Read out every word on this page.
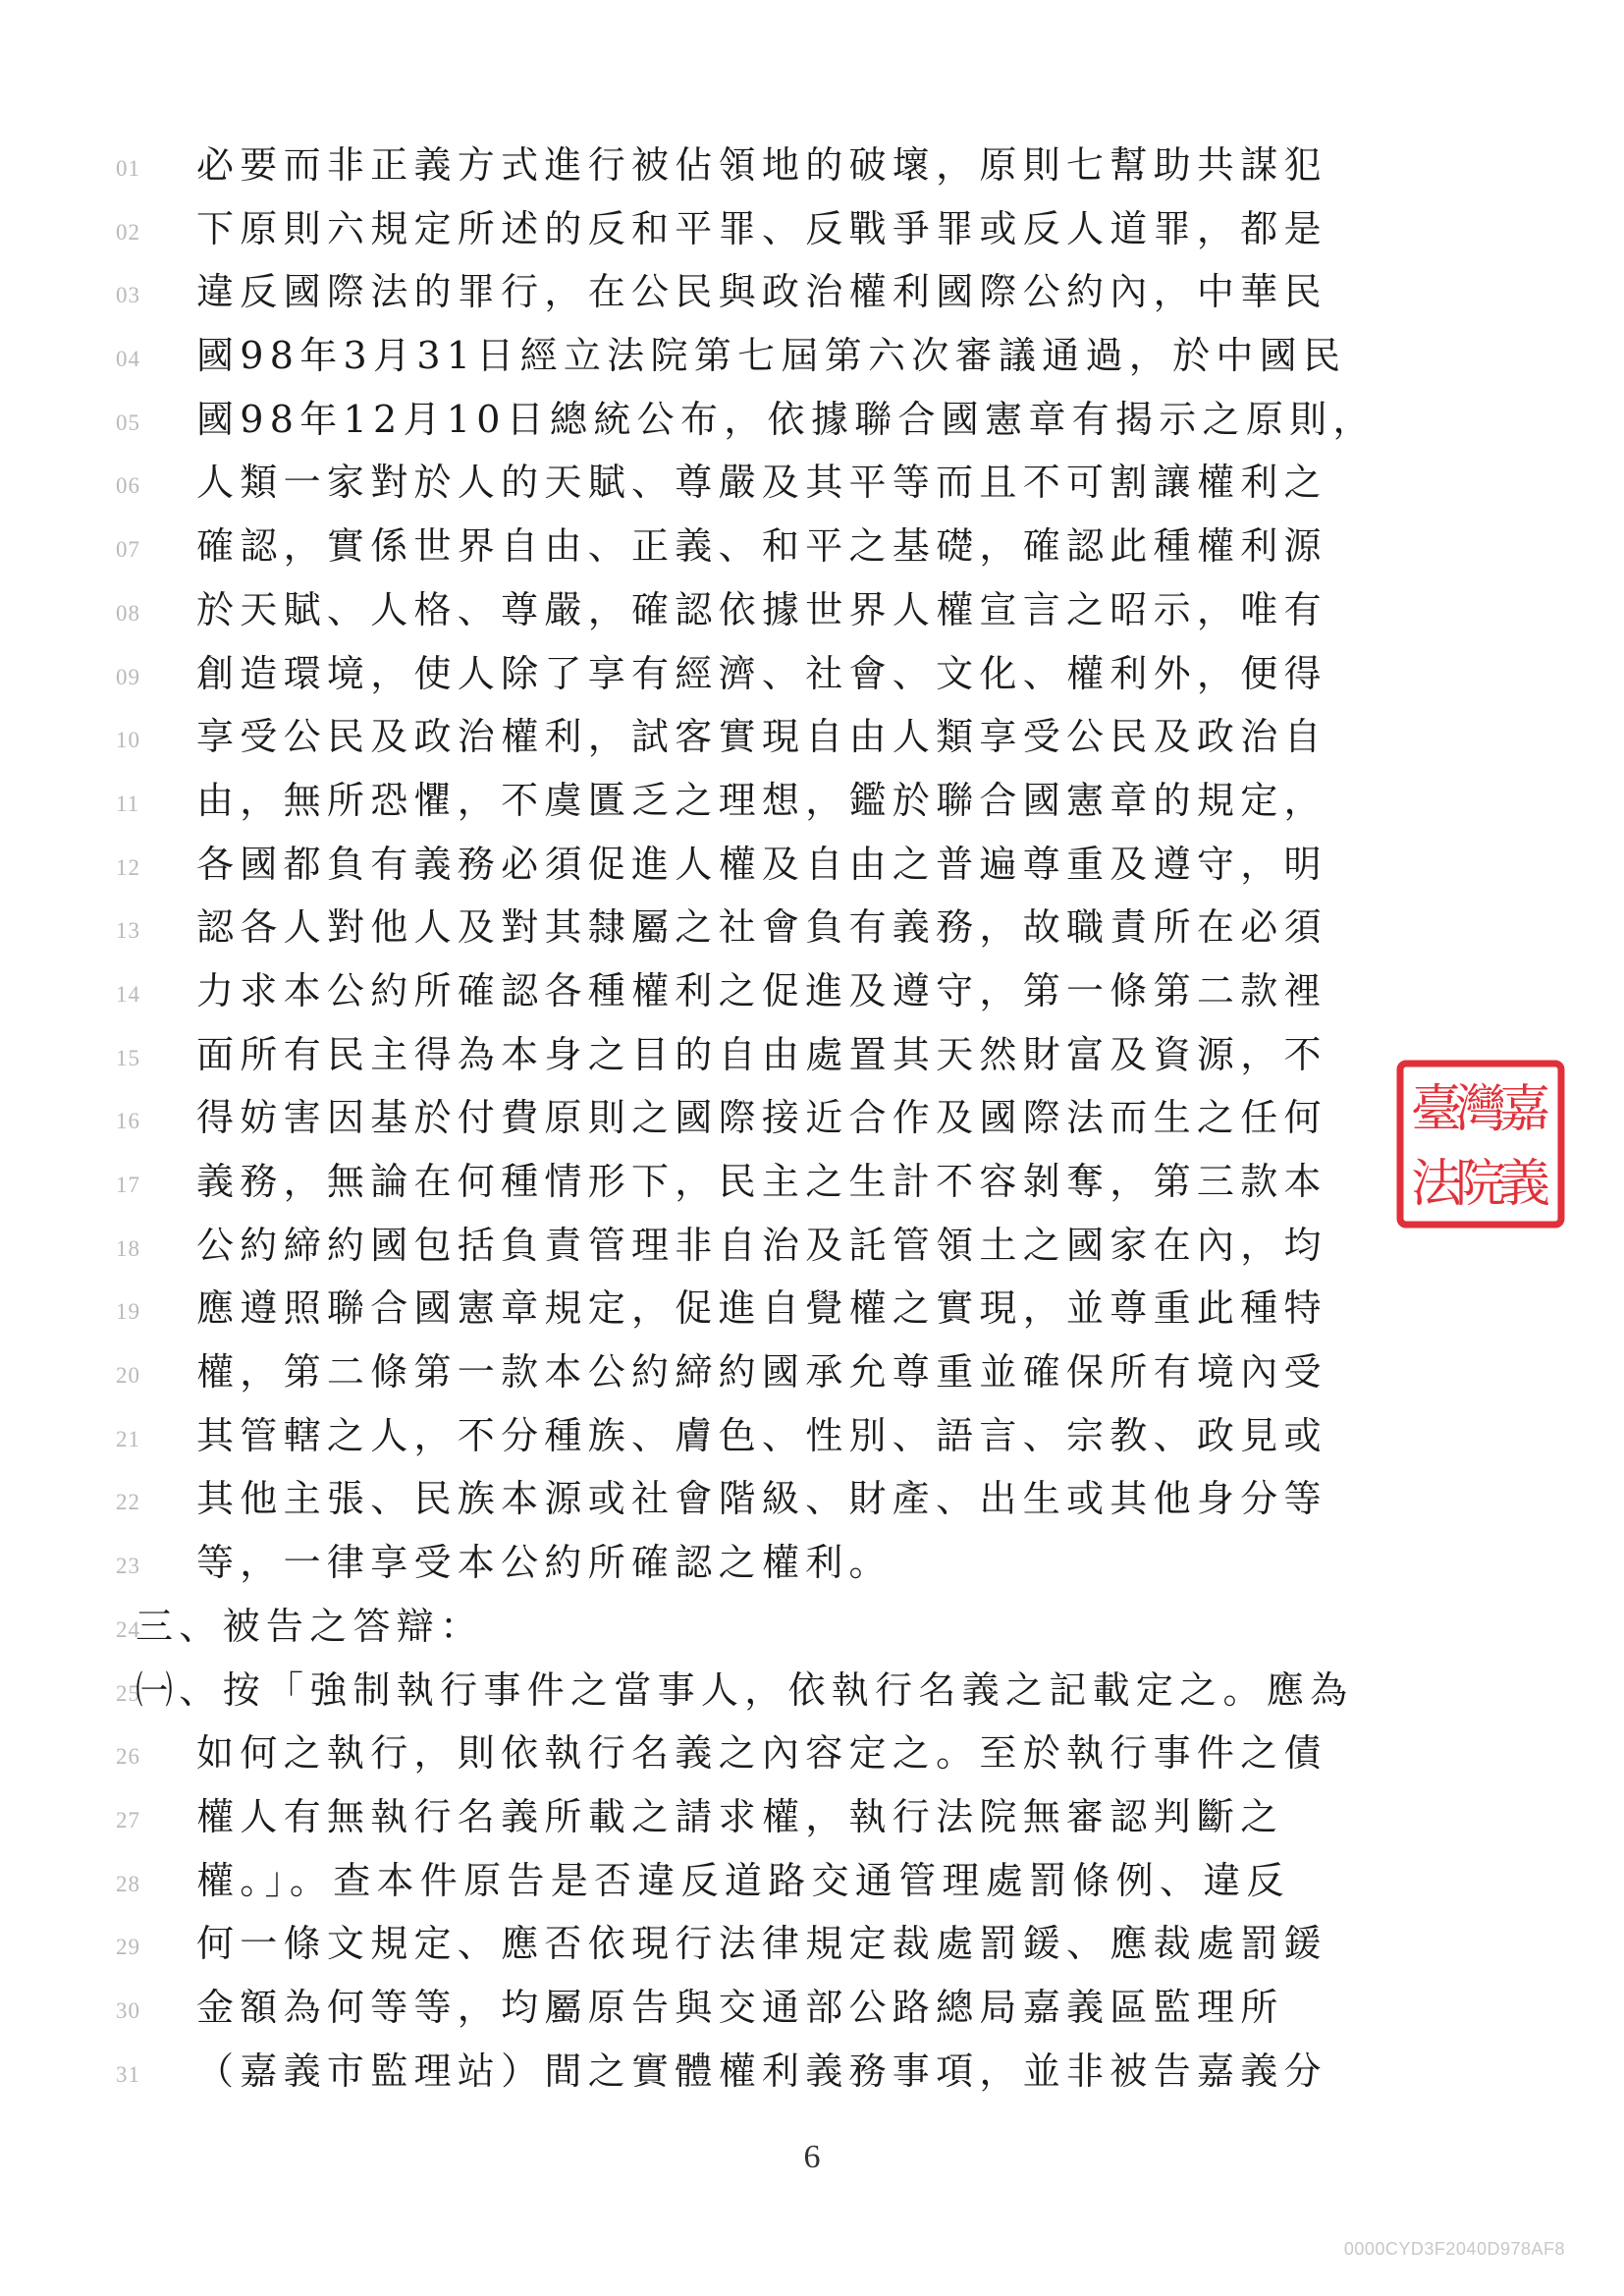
01
02
03
04
05
06
07
08
09
10
11
12
13
14
15
16
17
18
19
20
21
22
23
24
25
26
27
28
29
30
31
必要而非正義方式進行被佔領地的破壞，原則七幫助共謀犯
下原則六規定所述的反和平罪、反戰爭罪或反人道罪，都是
違反國際法的罪行，在公民與政治權利國際公約內，中華民
國98年3月31日經立法院第七屆第六次審議通過，於中國民
國98年12月10日總統公布，依據聯合國憲章有揭示之原則，
人類一家對於人的天賦、尊嚴及其平等而且不可割讓權利之
確認，實係世界自由、正義、和平之基礎，確認此種權利源
於天賦、人格、尊嚴，確認依據世界人權宣言之昭示，唯有
創造環境，使人除了享有經濟、社會、文化、權利外，便得
享受公民及政治權利，試客實現自由人類享受公民及政治自
由，無所恐懼，不虞匱乏之理想，鑑於聯合國憲章的規定，
各國都負有義務必須促進人權及自由之普遍尊重及遵守，明
認各人對他人及對其隸屬之社會負有義務，故職責所在必須
力求本公約所確認各種權利之促進及遵守，第一條第二款裡
面所有民主得為本身之目的自由處置其天然財富及資源，不
得妨害因基於付費原則之國際接近合作及國際法而生之任何
義務，無論在何種情形下，民主之生計不容剝奪，第三款本
公約締約國包括負責管理非自治及託管領土之國家在內，均
應遵照聯合國憲章規定，促進自覺權之實現，並尊重此種特
權，第二條第一款本公約締約國承允尊重並確保所有境內受
其管轄之人，不分種族、膚色、性別、語言、宗教、政見或
其他主張、民族本源或社會階級、財產、出生或其他身分等
等，一律享受本公約所確認之權利。
三、被告之答辯：
㈠、按「強制執行事件之當事人，依執行名義之記載定之。應為
如何之執行，則依執行名義之內容定之。至於執行事件之債
權人有無執行名義所載之請求權，執行法院無審認判斷之
權。」。查本件原告是否違反道路交通管理處罰條例、違反
何一條文規定、應否依現行法律規定裁處罰鍰、應裁處罰鍰
金額為何等等，均屬原告與交通部公路總局嘉義區監理所
（嘉義市監理站）間之實體權利義務事項，並非被告嘉義分
嘉
義
灣
院
臺
法
6
0000CYD3F2040D978AF8
